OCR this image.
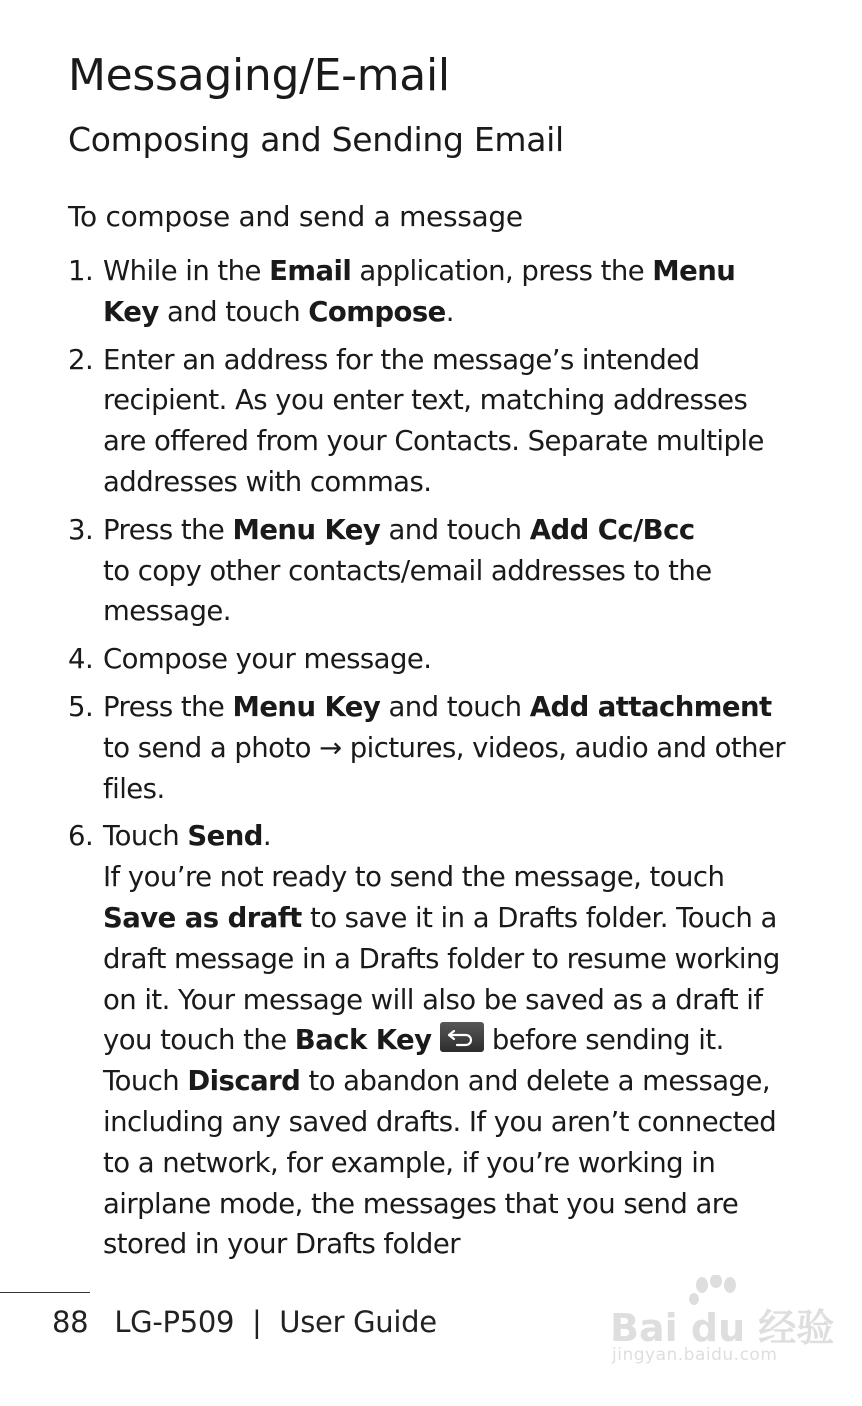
Messaging/E-mail
Composing and Sending Email
To compose and send a message
1. While in the Email application, press the Menu Key and touch Compose.
2. Enter an address for the message’s intended recipient. As you enter text, matching addresses are offered from your Contacts. Separate multiple addresses with commas.
3. Press the Menu Key and touch Add Cc/Bcc
to copy other contacts/email addresses to the message.
4. Compose your message.
5. Press the Menu Key and touch Add attachment
to send a photo → pictures, videos, audio and other files.
6. Touch Send.
If you’re not ready to send the message, touch Save as draft to save it in a Drafts folder. Touch a draft message in a Drafts folder to resume working on it. Your message will also be saved as a draft if you touch the Back Key
before sending it. Touch Discard to abandon and delete a message, including any saved drafts. If you aren’t connected to a network, for example, if you’re working in airplane mode, the messages that you send are stored in your Drafts folder
88 LG-P509  |  User Guide	Bai du 经验
jingyan.baidu.com
